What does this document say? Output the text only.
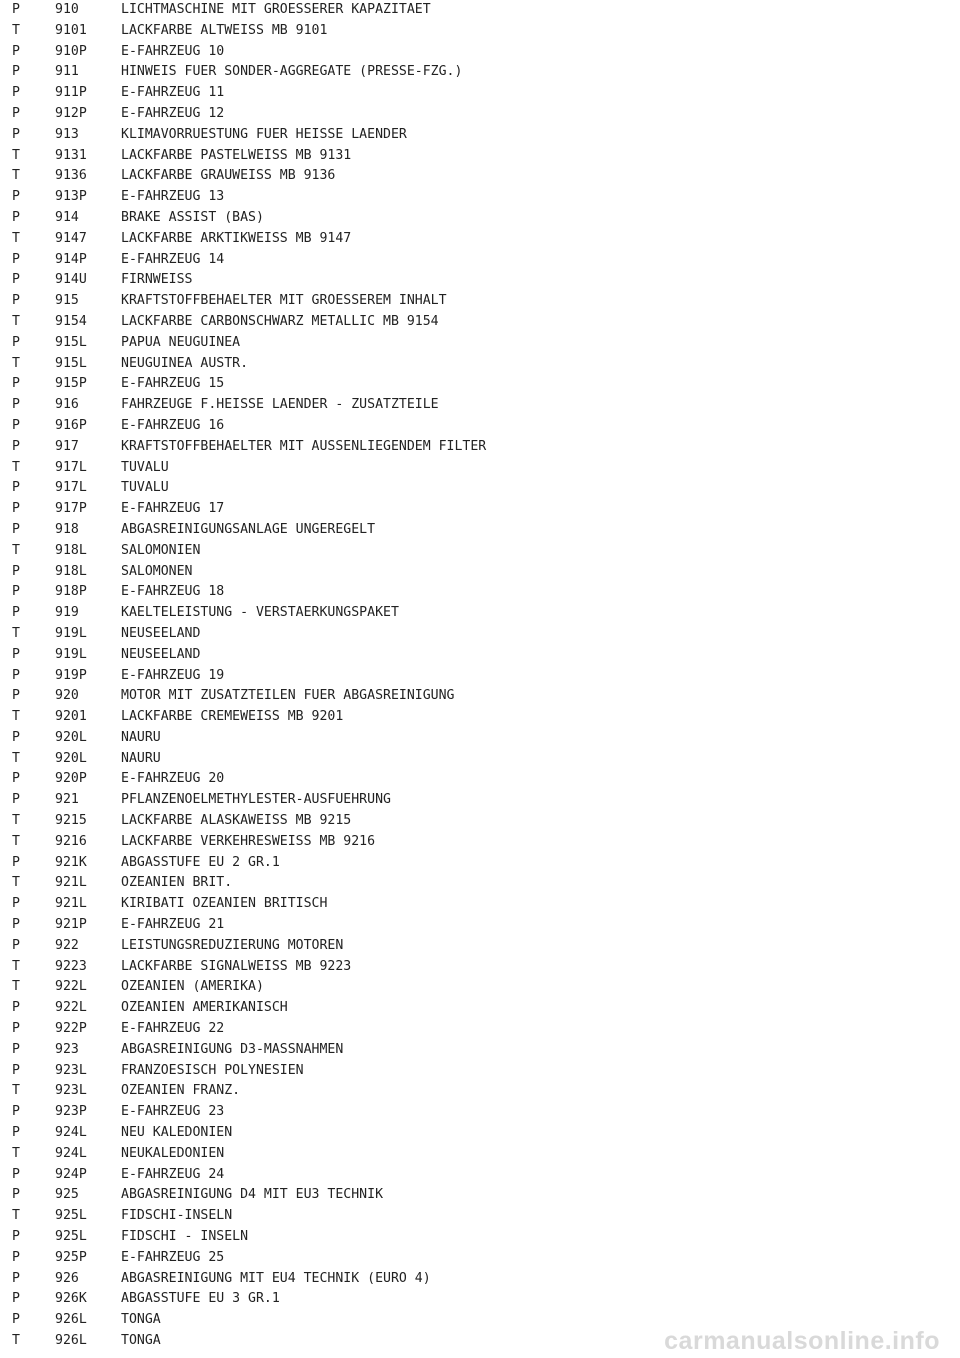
P	910	LICHTMASCHINE MIT GROESSERER KAPAZITAET
T	9101	LACKFARBE ALTWEISS MB 9101
P	910P	E-FAHRZEUG 10
P	911	HINWEIS FUER SONDER-AGGREGATE (PRESSE-FZG.)
P	911P	E-FAHRZEUG 11
P	912P	E-FAHRZEUG 12
P	913	KLIMAVORRUESTUNG FUER HEISSE LAENDER
T	9131	LACKFARBE PASTELWEISS MB 9131
T	9136	LACKFARBE GRAUWEISS MB 9136
P	913P	E-FAHRZEUG 13
P	914	BRAKE ASSIST (BAS)
T	9147	LACKFARBE ARKTIKWEISS MB 9147
P	914P	E-FAHRZEUG 14
P	914U	FIRNWEISS
P	915	KRAFTSTOFFBEHAELTER MIT GROESSEREM INHALT
T	9154	LACKFARBE CARBONSCHWARZ METALLIC MB 9154
P	915L	PAPUA NEUGUINEA
T	915L	NEUGUINEA AUSTR.
P	915P	E-FAHRZEUG 15
P	916	FAHRZEUGE F.HEISSE LAENDER - ZUSATZTEILE
P	916P	E-FAHRZEUG 16
P	917	KRAFTSTOFFBEHAELTER MIT AUSSENLIEGENDEM FILTER
T	917L	TUVALU
P	917L	TUVALU
P	917P	E-FAHRZEUG 17
P	918	ABGASREINIGUNGSANLAGE UNGEREGELT
T	918L	SALOMONIEN
P	918L	SALOMONEN
P	918P	E-FAHRZEUG 18
P	919	KAELTELEISTUNG - VERSTAERKUNGSPAKET
T	919L	NEUSEELAND
P	919L	NEUSEELAND
P	919P	E-FAHRZEUG 19
P	920	MOTOR MIT ZUSATZTEILEN FUER ABGASREINIGUNG
T	9201	LACKFARBE CREMEWEISS MB 9201
P	920L	NAURU
T	920L	NAURU
P	920P	E-FAHRZEUG 20
P	921	PFLANZENOELMETHYLESTER-AUSFUEHRUNG
T	9215	LACKFARBE ALASKAWEISS MB 9215
T	9216	LACKFARBE VERKEHRESWEISS MB 9216
P	921K	ABGASSTUFE EU 2 GR.1
T	921L	OZEANIEN BRIT.
P	921L	KIRIBATI OZEANIEN BRITISCH
P	921P	E-FAHRZEUG 21
P	922	LEISTUNGSREDUZIERUNG MOTOREN
T	9223	LACKFARBE SIGNALWEISS MB 9223
T	922L	OZEANIEN (AMERIKA)
P	922L	OZEANIEN AMERIKANISCH
P	922P	E-FAHRZEUG 22
P	923	ABGASREINIGUNG D3-MASSNAHMEN
P	923L	FRANZOESISCH POLYNESIEN
T	923L	OZEANIEN FRANZ.
P	923P	E-FAHRZEUG 23
P	924L	NEU KALEDONIEN
T	924L	NEUKALEDONIEN
P	924P	E-FAHRZEUG 24
P	925	ABGASREINIGUNG D4 MIT EU3 TECHNIK
T	925L	FIDSCHI-INSELN
P	925L	FIDSCHI - INSELN
P	925P	E-FAHRZEUG 25
P	926	ABGASREINIGUNG MIT EU4 TECHNIK (EURO 4)
P	926K	ABGASSTUFE EU 3 GR.1
P	926L	TONGA
T	926L	TONGA	carmanualsonline.info
